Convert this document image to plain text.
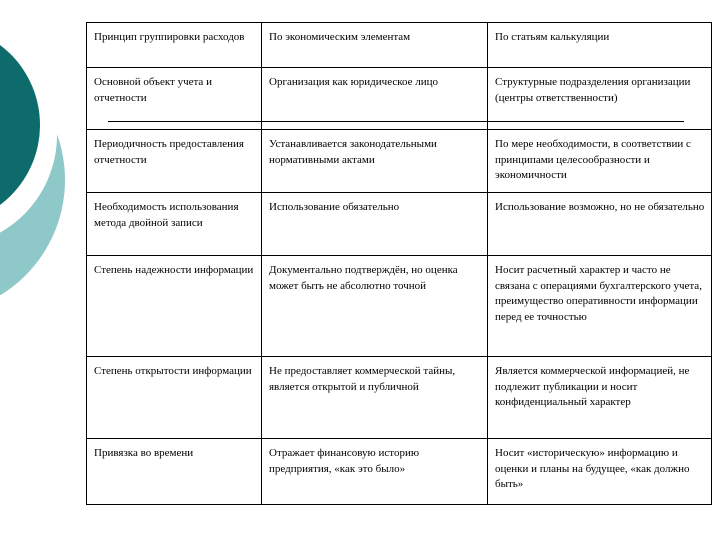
Принцип группировки расходов	По экономическим элементам	По статьям калькуляции
Основной объект учета и отчетности	Организация как юридическое лицо	Структурные подразделения организации (центры ответственности)
Периодичность предоставления отчетности	Устанавливается законодательными нормативными актами	По мере необходимости, в соответствии с принципами целесообразности и экономичности
Необходимость использования метода двойной записи	Использование обязательно	Использование возможно, но не обязательно
Степень надежности информации	Документально подтверждён, но оценка может быть не абсолютно точной	Носит расчетный характер и часто не связана с операциями бухгалтерского учета, преимущество оперативности информации перед ее точностью
Степень открытости информации	Не предоставляет коммерческой тайны, является открытой и публичной	Является коммерческой информацией, не подлежит публикации и носит конфиденциальный характер
Привязка во времени	Отражает финансовую историю предприятия, «как это было»	Носит «историческую» информацию и оценки и планы на будущее, «как должно быть»
